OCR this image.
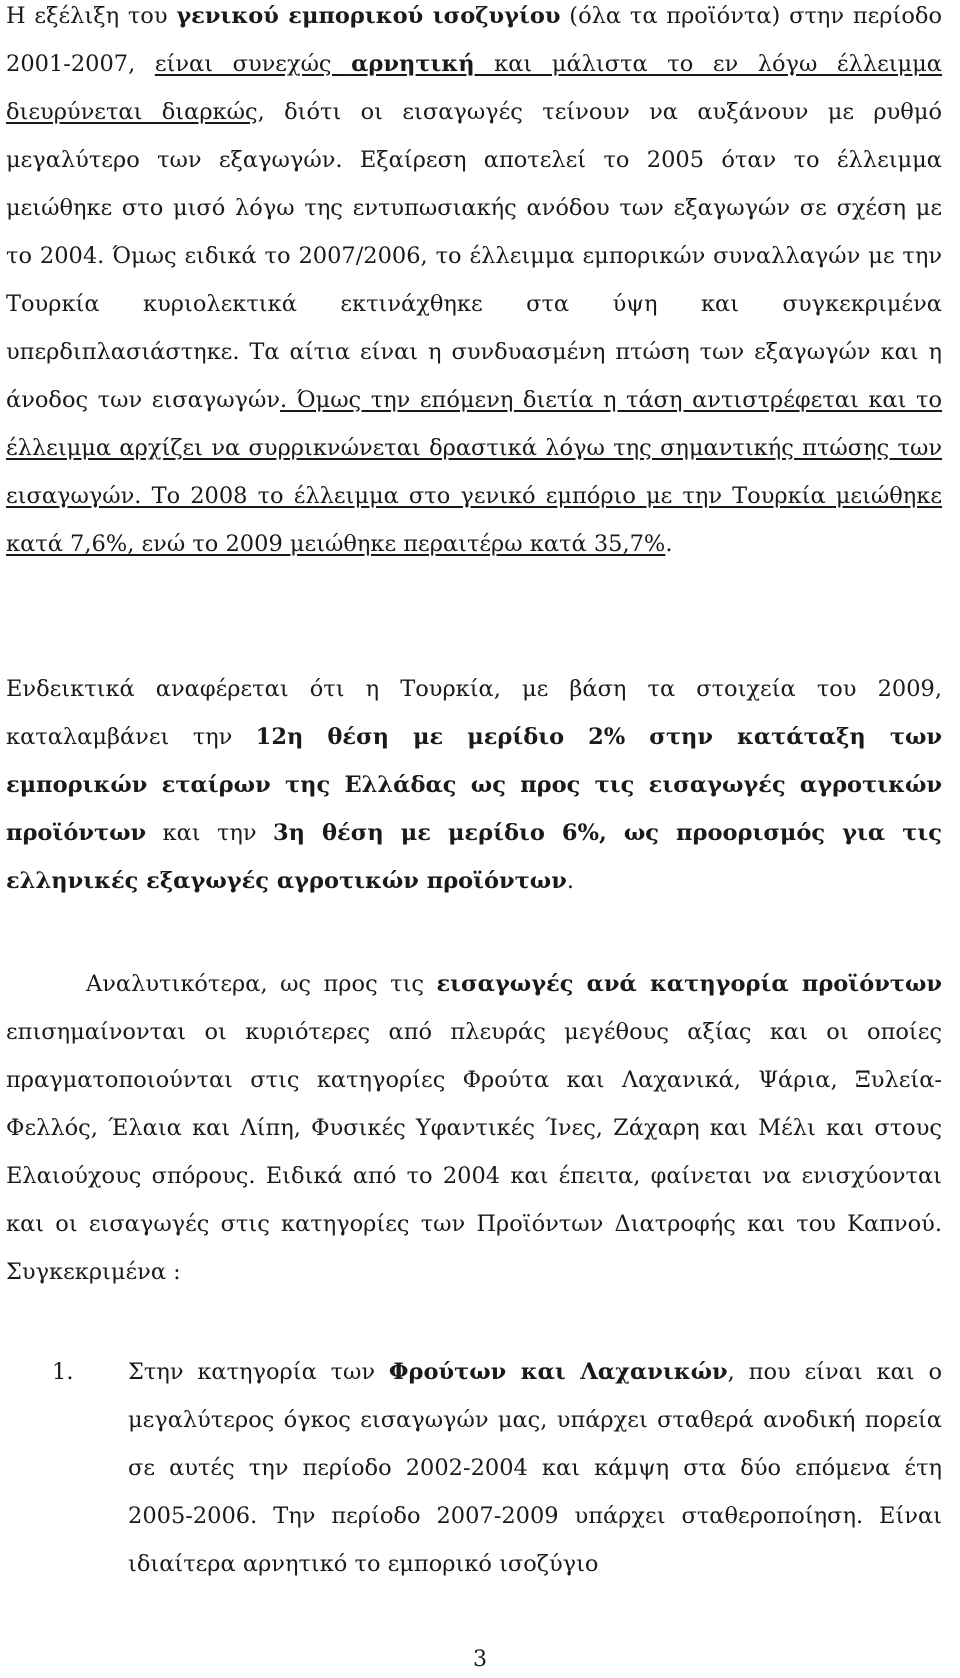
Η εξέλιξη του γενικού εμπορικού ισοζυγίου (όλα τα προϊόντα) στην περίοδο 2001-2007, είναι συνεχώς αρνητική και μάλιστα το εν λόγω έλλειμμα διευρύνεται διαρκώς, διότι οι εισαγωγές τείνουν να αυξάνουν με ρυθμό μεγαλύτερο των εξαγωγών. Εξαίρεση αποτελεί το 2005 όταν το έλλειμμα μειώθηκε στο μισό λόγω της εντυπωσιακής ανόδου των εξαγωγών σε σχέση με το 2004. Όμως ειδικά το 2007/2006, το έλλειμμα εμπορικών συναλλαγών με την Τουρκία κυριολεκτικά εκτινάχθηκε στα ύψη και συγκεκριμένα υπερδιπλασιάστηκε. Τα αίτια είναι η συνδυασμένη πτώση των εξαγωγών και η άνοδος των εισαγωγών. Όμως την επόμενη διετία η τάση αντιστρέφεται και το έλλειμμα αρχίζει να συρρικνώνεται δραστικά λόγω της σημαντικής πτώσης των εισαγωγών. Το 2008 το έλλειμμα στο γενικό εμπόριο με την Τουρκία μειώθηκε κατά 7,6%, ενώ το 2009 μειώθηκε περαιτέρω κατά 35,7%.

Ενδεικτικά αναφέρεται ότι η Τουρκία, με βάση τα στοιχεία του 2009, καταλαμβάνει την 12η θέση με μερίδιο 2% στην κατάταξη των εμπορικών εταίρων της Ελλάδας ως προς τις εισαγωγές αγροτικών προϊόντων και την 3η θέση με μερίδιο 6%, ως προορισμός για τις ελληνικές εξαγωγές αγροτικών προϊόντων.

Αναλυτικότερα, ως προς τις εισαγωγές ανά κατηγορία προϊόντων επισημαίνονται οι κυριότερες από πλευράς μεγέθους αξίας και οι οποίες πραγματοποιούνται στις κατηγορίες Φρούτα και Λαχανικά, Ψάρια, Ξυλεία-Φελλός, Έλαια και Λίπη, Φυσικές Υφαντικές Ίνες, Ζάχαρη και Μέλι και στους Ελαιούχους σπόρους. Ειδικά από το 2004 και έπειτα, φαίνεται να ενισχύονται και οι εισαγωγές στις κατηγορίες των Προϊόντων Διατροφής και του Καπνού. Συγκεκριμένα :

1. Στην κατηγορία των Φρούτων και Λαχανικών, που είναι και ο μεγαλύτερος όγκος εισαγωγών μας, υπάρχει σταθερά ανοδική πορεία σε αυτές την περίοδο 2002-2004 και κάμψη στα δύο επόμενα έτη 2005-2006. Την περίοδο 2007-2009 υπάρχει σταθεροποίηση. Είναι ιδιαίτερα αρνητικό το εμπορικό ισοζύγιο

3
